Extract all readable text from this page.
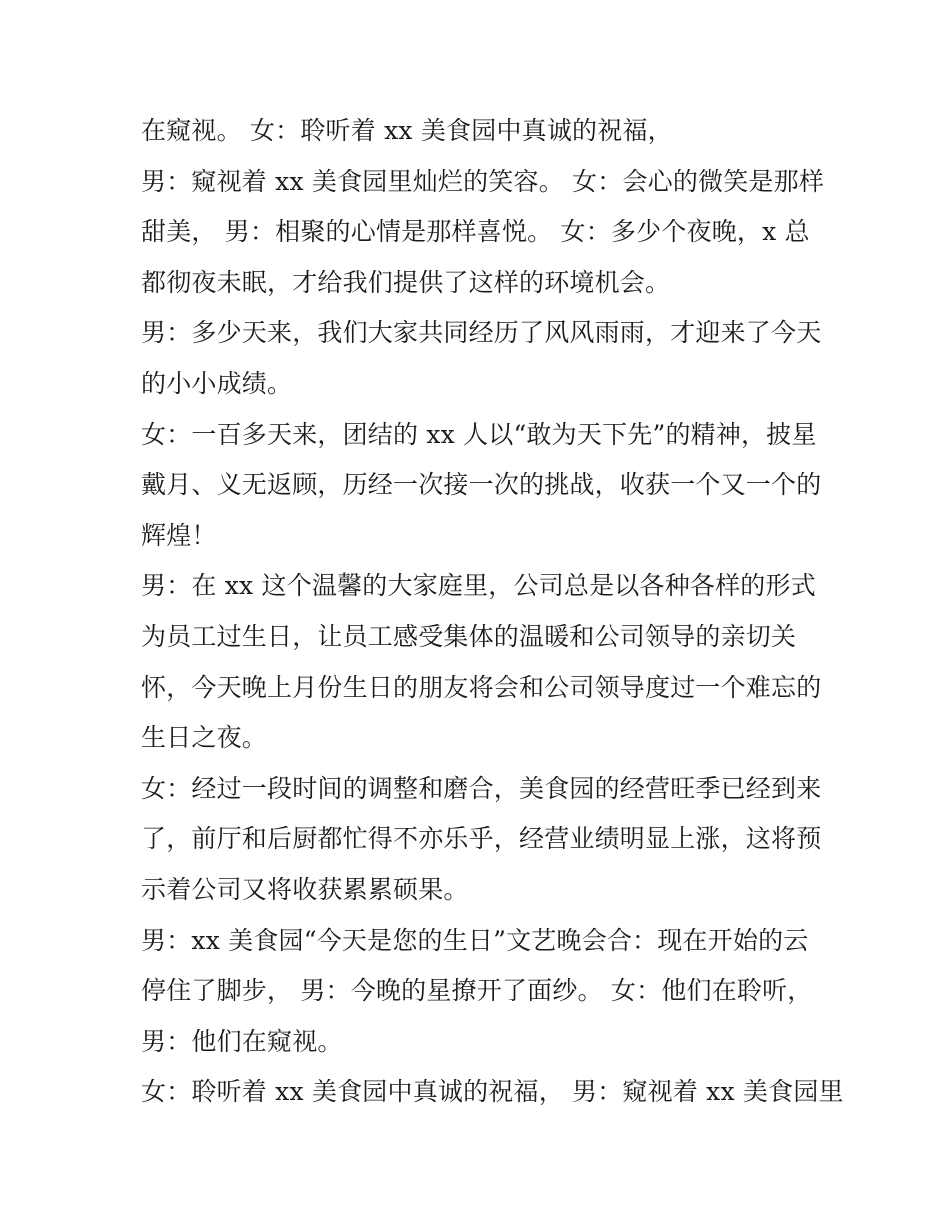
在窥视。 女：聆听着 xx 美食园中真诚的祝福，
男：窥视着 xx 美食园里灿烂的笑容。 女：会心的微笑是那样
甜美， 男：相聚的心情是那样喜悦。 女：多少个夜晚，x 总
都彻夜未眠，才给我们提供了这样的环境机会。
男：多少天来，我们大家共同经历了风风雨雨，才迎来了今天
的小小成绩。
女：一百多天来，团结的 xx 人以“敢为天下先”的精神，披星
戴月、义无返顾，历经一次接一次的挑战，收获一个又一个的
辉煌！
男：在 xx 这个温馨的大家庭里，公司总是以各种各样的形式
为员工过生日，让员工感受集体的温暖和公司领导的亲切关
怀，今天晚上月份生日的朋友将会和公司领导度过一个难忘的
生日之夜。
女：经过一段时间的调整和磨合，美食园的经营旺季已经到来
了，前厅和后厨都忙得不亦乐乎，经营业绩明显上涨，这将预
示着公司又将收获累累硕果。
男：xx 美食园“今天是您的生日”文艺晚会合：现在开始的云
停住了脚步， 男：今晚的星撩开了面纱。 女：他们在聆听，
男：他们在窥视。
女：聆听着 xx 美食园中真诚的祝福， 男：窥视着 xx 美食园里
